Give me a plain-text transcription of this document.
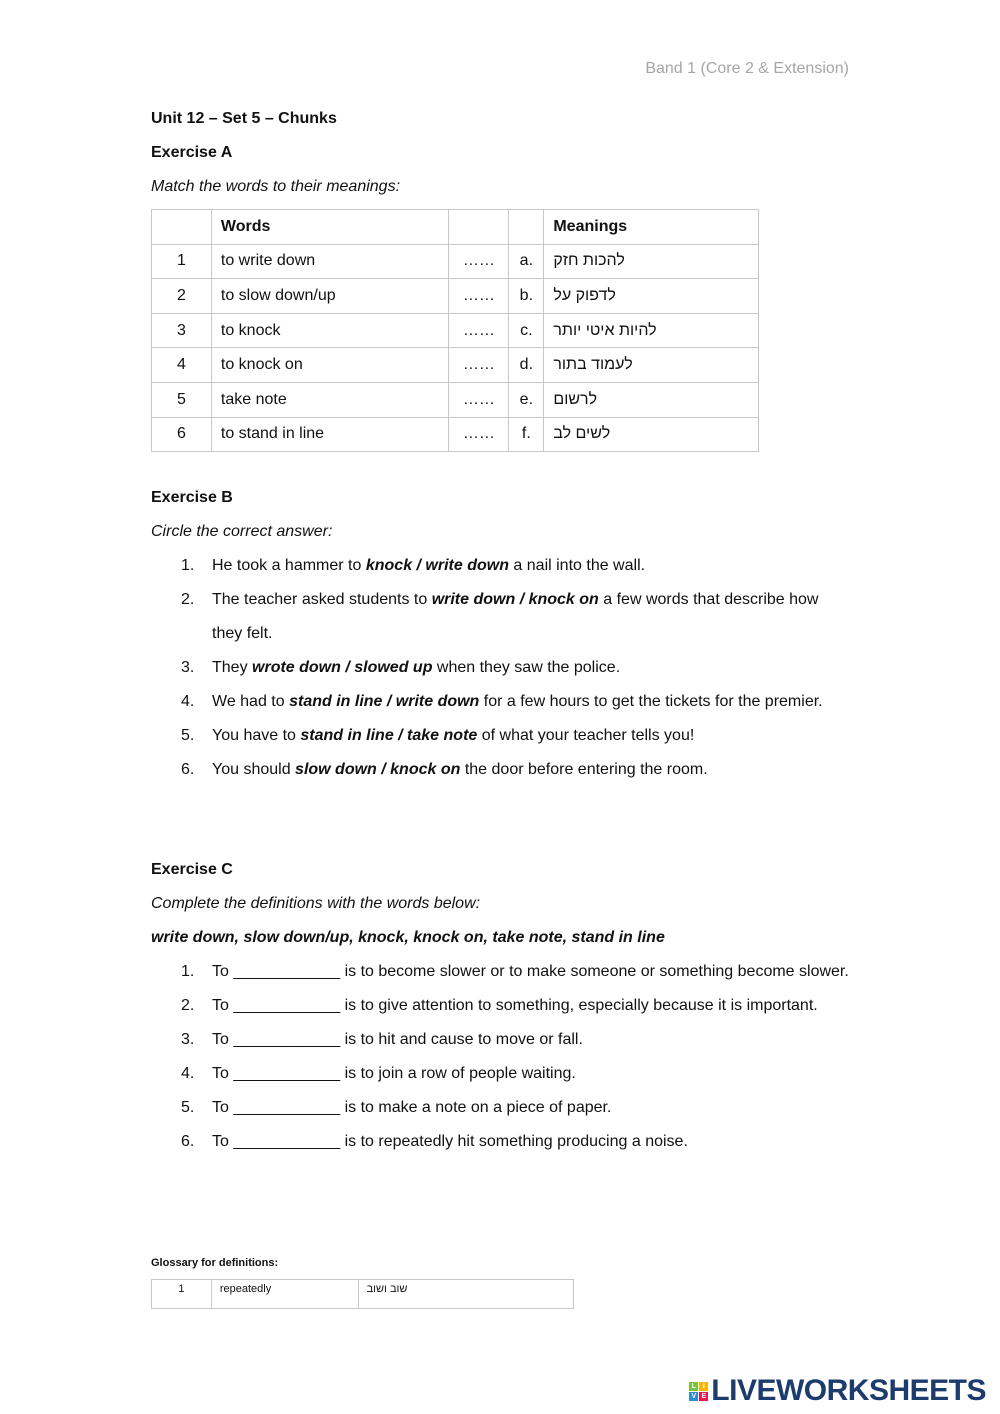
Band 1 (Core 2 & Extension)
Unit 12 – Set 5 – Chunks
Exercise A
Match the words to their meanings:
	Words			Meanings
1	to write down	……	a.	להכות חזק
2	to slow down/up	……	b.	לדפוק על
3	to knock	……	c.	להיות איטי יותר
4	to knock on	……	d.	לעמוד בתור
5	take note	……	e.	לרשום
6	to stand in line	……	f.	לשים לב
Exercise B
Circle the correct answer:
1. He took a hammer to knock / write down a nail into the wall.
2. The teacher asked students to write down / knock on a few words that describe how they felt.
3. They wrote down / slowed up when they saw the police.
4. We had to stand in line / write down for a few hours to get the tickets for the premier.
5. You have to stand in line / take note of what your teacher tells you!
6. You should slow down / knock on the door before entering the room.
Exercise C
Complete the definitions with the words below:
write down, slow down/up, knock, knock on, take note, stand in line
1. To ____________ is to become slower or to make someone or something become slower.
2. To ____________ is to give attention to something, especially because it is important.
3. To ____________ is to hit and cause to move or fall.
4. To ____________ is to join a row of people waiting.
5. To ____________ is to make a note on a piece of paper.
6. To ____________ is to repeatedly hit something producing a noise.
Glossary for definitions:
1	repeatedly	שוב ושוב
L I
V E LIVEWORKSHEETS
